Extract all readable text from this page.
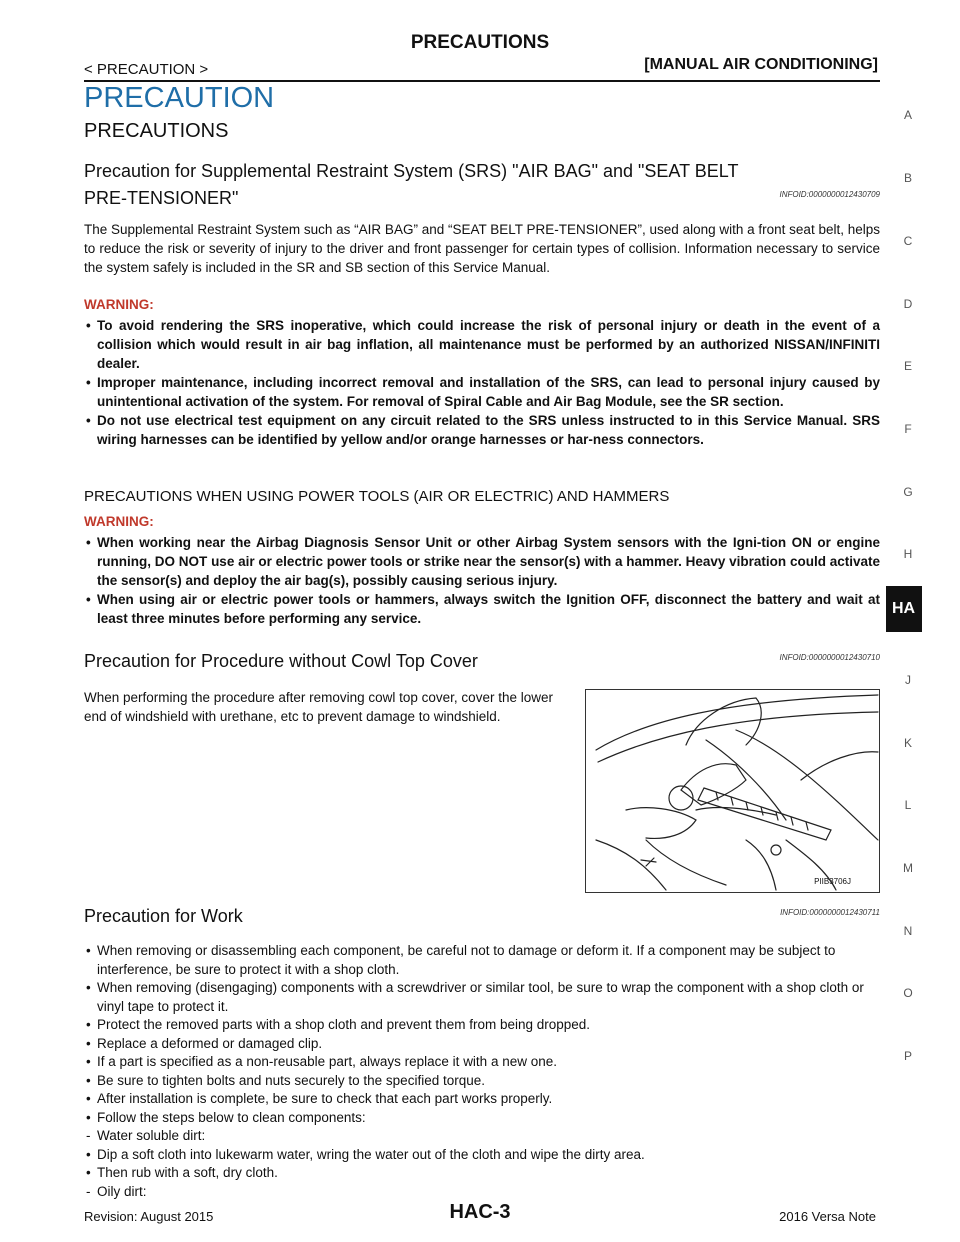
PRECAUTIONS
< PRECAUTION >	[MANUAL AIR CONDITIONING]
PRECAUTION
PRECAUTIONS
Precaution for Supplemental Restraint System (SRS) "AIR BAG" and "SEAT BELT
PRE-TENSIONER"	INFOID:0000000012430709
The Supplemental Restraint System such as “AIR BAG” and “SEAT BELT PRE-TENSIONER”, used along with a front seat belt, helps to reduce the risk or severity of injury to the driver and front passenger for certain types of collision. Information necessary to service the system safely is included in the SR and SB section of this Service Manual.
WARNING:
• To avoid rendering the SRS inoperative, which could increase the risk of personal injury or death in the event of a collision which would result in air bag inflation, all maintenance must be performed by an authorized NISSAN/INFINITI dealer.
• Improper maintenance, including incorrect removal and installation of the SRS, can lead to personal injury caused by unintentional activation of the system. For removal of Spiral Cable and Air Bag Module, see the SR section.
• Do not use electrical test equipment on any circuit related to the SRS unless instructed to in this Service Manual. SRS wiring harnesses can be identified by yellow and/or orange harnesses or har-ness connectors.
PRECAUTIONS WHEN USING POWER TOOLS (AIR OR ELECTRIC) AND HAMMERS
WARNING:
• When working near the Airbag Diagnosis Sensor Unit or other Airbag System sensors with the Igni-tion ON or engine running, DO NOT use air or electric power tools or strike near the sensor(s) with a hammer. Heavy vibration could activate the sensor(s) and deploy the air bag(s), possibly causing serious injury.
• When using air or electric power tools or hammers, always switch the Ignition OFF, disconnect the battery and wait at least three minutes before performing any service.
Precaution for Procedure without Cowl Top Cover	INFOID:0000000012430710
When performing the procedure after removing cowl top cover, cover the lower end of windshield with urethane, etc to prevent damage to windshield.
PIIB3706J
Precaution for Work	INFOID:0000000012430711
• When removing or disassembling each component, be careful not to damage or deform it. If a component may be subject to interference, be sure to protect it with a shop cloth.
• When removing (disengaging) components with a screwdriver or similar tool, be sure to wrap the component with a shop cloth or vinyl tape to protect it.
• Protect the removed parts with a shop cloth and prevent them from being dropped.
• Replace a deformed or damaged clip.
• If a part is specified as a non-reusable part, always replace it with a new one.
• Be sure to tighten bolts and nuts securely to the specified torque.
• After installation is complete, be sure to check that each part works properly.
• Follow the steps below to clean components:
- Water soluble dirt:
• Dip a soft cloth into lukewarm water, wring the water out of the cloth and wipe the dirty area.
• Then rub with a soft, dry cloth.
- Oily dirt:
A
B
C
D
E
F
G
H
HA
J
K
L
M
N
O
P
Revision: August 2015	HAC-3	2016 Versa Note
